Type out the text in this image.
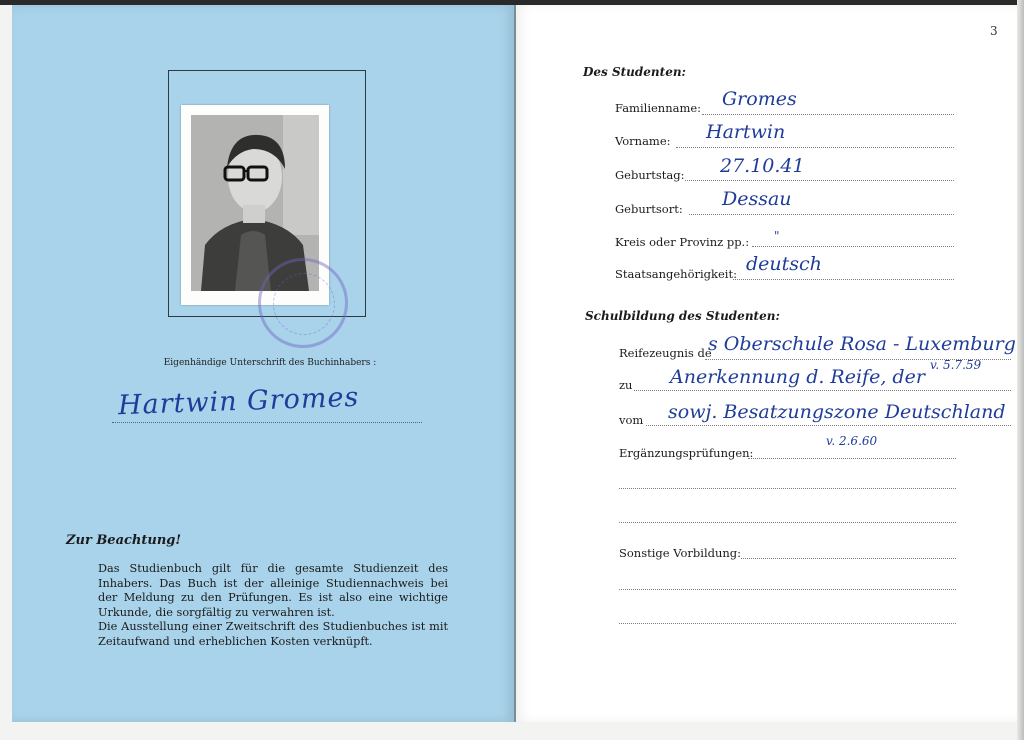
3
Eigenhändige Unterschrift des Buchinhabers :
Hartwin Gromes
Zur Beachtung!

Das Studienbuch gilt für die gesamte Studienzeit des Inhabers. Das Buch ist der alleinige Studiennachweis bei der Meldung zu den Prüfungen. Es ist also eine wichtige Urkunde, die sorgfältig zu verwahren ist.

Die Ausstellung einer Zweitschrift des Studienbuches ist mit Zeitaufwand und erheblichen Kosten verknüpft.

Des Studenten:
Familienname: Gromes
Vorname: Hartwin
Geburtstag: 27.10.41
Geburtsort: Dessau
Kreis oder Provinz pp.: "
Staatsangehörigkeit: deutsch
Schulbildung des Studenten:
Reifezeugnis de
s Oberschule Rosa - Luxemburg
v. 5.7.59
zu Anerkennung d. Reife, der
vom sowj. Besatzungszone Deutschland
v. 2.6.60
Ergänzungsprüfungen:
Sonstige Vorbildung:
